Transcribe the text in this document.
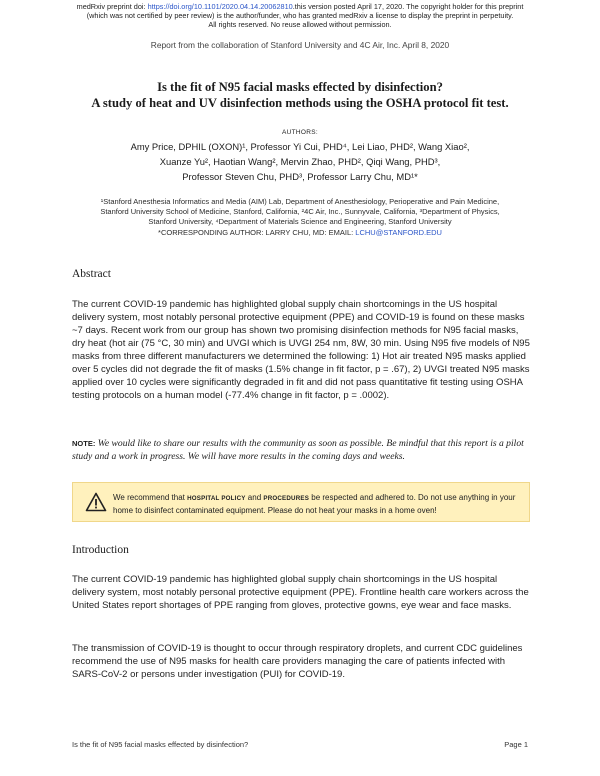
medRxiv preprint doi: https://doi.org/10.1101/2020.04.14.20062810.this version posted April 17, 2020. The copyright holder for this preprint
(which was not certified by peer review) is the author/funder, who has granted medRxiv a license to display the preprint in perpetuity.
All rights reserved. No reuse allowed without permission.
Report from the collaboration of Stanford University and 4C Air, Inc. April 8, 2020
Is the fit of N95 facial masks effected by disinfection?
A study of heat and UV disinfection methods using the OSHA protocol fit test.
AUTHORS:
Amy Price, DPHIL (OXON)¹, Professor Yi Cui, PHD⁴, Lei Liao, PHD², Wang Xiao²,
Xuanze Yu², Haotian Wang², Mervin Zhao, PHD², Qiqi Wang, PHD³,
Professor Steven Chu, PHD³, Professor Larry Chu, MD¹*
¹Stanford Anesthesia Informatics and Media (AIM) Lab, Department of Anesthesiology, Perioperative and Pain Medicine,
Stanford University School of Medicine, Stanford, California, ²4C Air, Inc., Sunnyvale, California, ³Department of Physics,
Stanford University, ⁴Department of Materials Science and Engineering, Stanford University
*CORRESPONDING AUTHOR: LARRY CHU, MD: EMAIL: LCHU@STANFORD.EDU
Abstract
The current COVID-19 pandemic has highlighted global supply chain shortcomings in the US hospital delivery system, most notably personal protective equipment (PPE) and COVID-19 is found on these masks ~7 days. Recent work from our group has shown two promising disinfection methods for N95 facial masks, dry heat (hot air (75 °C, 30 min) and UVGI which is UVGI 254 nm, 8W, 30 min. Using N95 five models of N95 masks from three different manufacturers we determined the following: 1) Hot air treated N95 masks applied over 5 cycles did not degrade the fit of masks (1.5% change in fit factor, p = .67), 2) UVGI treated N95 masks applied over 10 cycles were significantly degraded in fit and did not pass quantitative fit testing using OSHA testing protocols on a human model (-77.4% change in fit factor, p = .0002).
NOTE: We would like to share our results with the community as soon as possible. Be mindful that this report is a pilot study and a work in progress. We will have more results in the coming days and weeks.
We recommend that HOSPITAL POLICY and PROCEDURES be respected and adhered to. Do not use anything in your home to disinfect contaminated equipment. Please do not heat your masks in a home oven!
Introduction
The current COVID-19 pandemic has highlighted global supply chain shortcomings in the US hospital delivery system, most notably personal protective equipment (PPE). Frontline health care workers across the United States report shortages of PPE ranging from gloves, protective gowns, eye wear and face masks.
The transmission of COVID-19 is thought to occur through respiratory droplets, and current CDC guidelines recommend the use of N95 masks for health care providers managing the care of patients infected with SARS-CoV-2 or persons under investigation (PUI) for COVID-19.
Is the fit of N95 facial masks effected by disinfection?	Page 1
